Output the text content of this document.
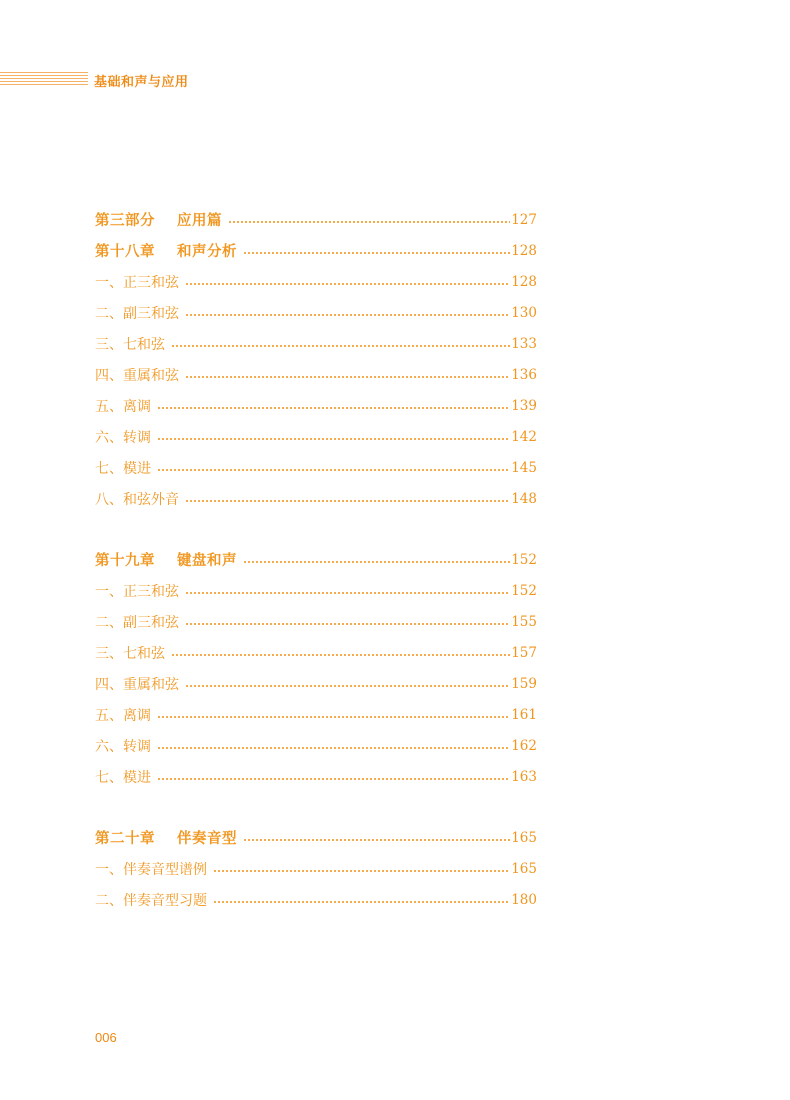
基础和声与应用
第三部分 应用篇	127
第十八章 和声分析	128
一、正三和弦	128
二、副三和弦	130
三、七和弦	133
四、重属和弦	136
五、离调	139
六、转调	142
七、模进	145
八、和弦外音	148
第十九章 键盘和声	152
一、正三和弦	152
二、副三和弦	155
三、七和弦	157
四、重属和弦	159
五、离调	161
六、转调	162
七、模进	163
第二十章 伴奏音型	165
一、伴奏音型谱例	165
二、伴奏音型习题	180
006
